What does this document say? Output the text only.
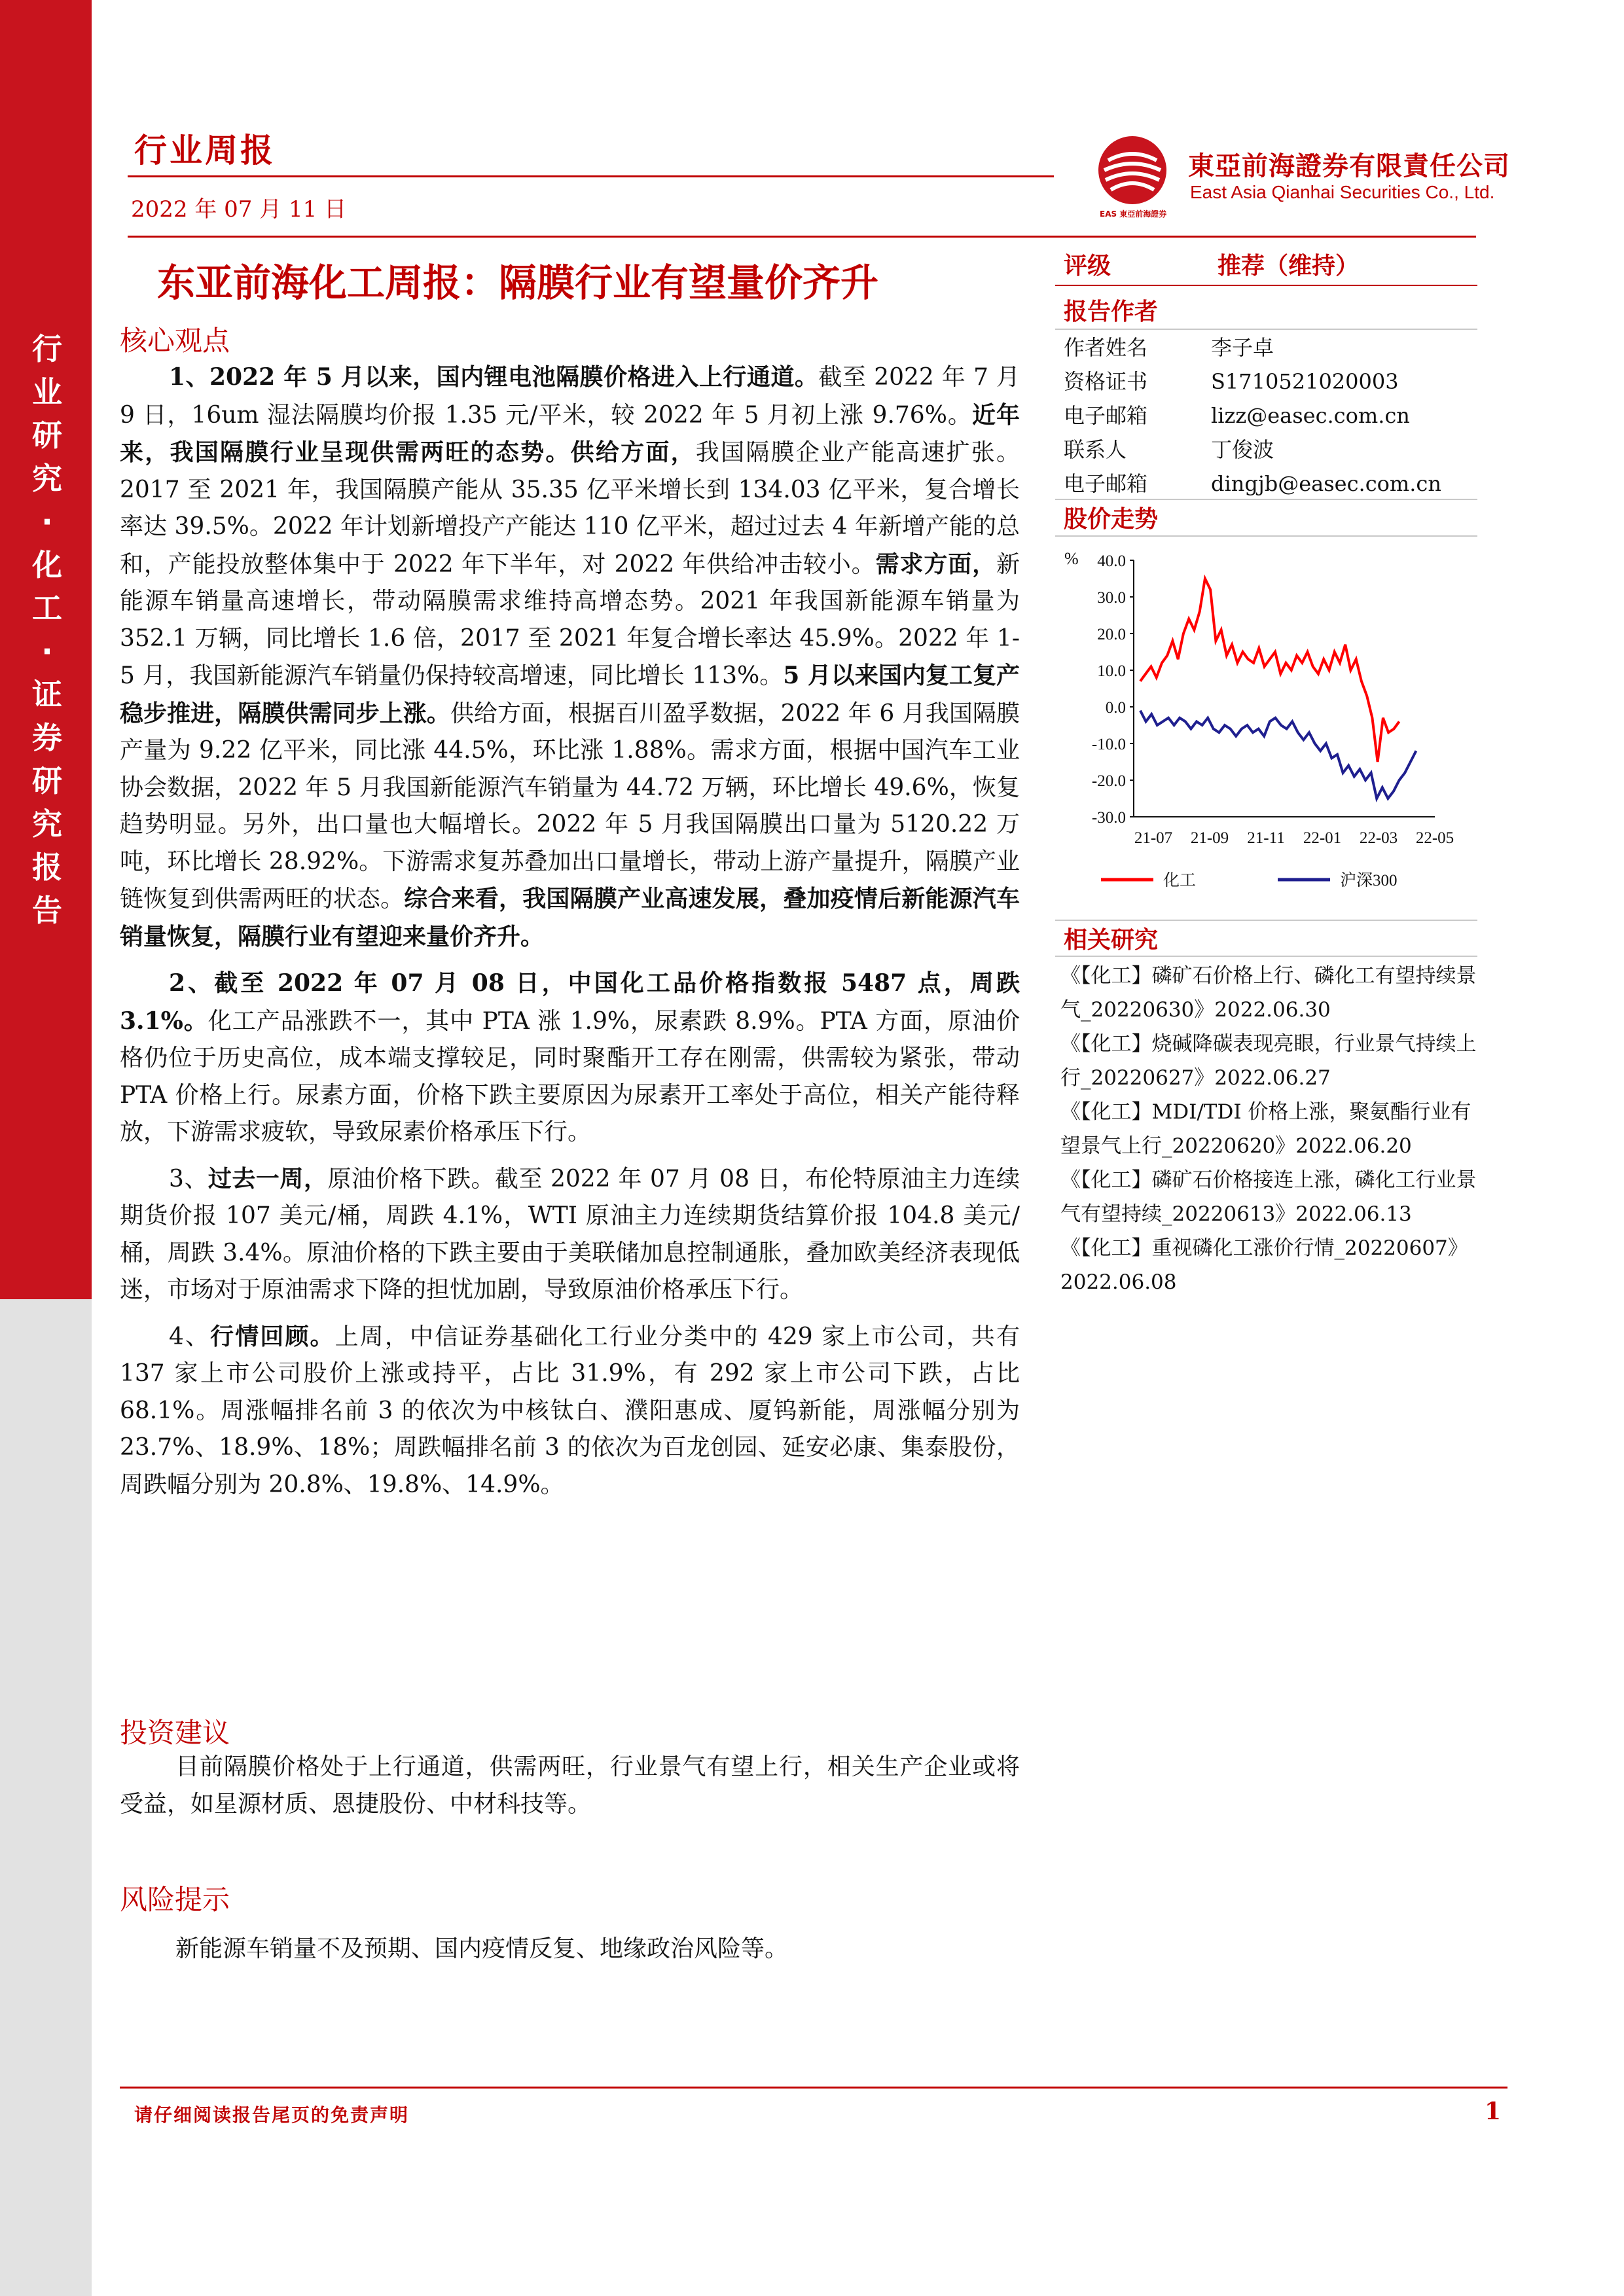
行业研究·化工·证券研究报告
行业周报
2022 年 07 月 11 日	EAS 東亞前海證券
東亞前海證券有限責任公司
East Asia Qianhai Securities Co., Ltd.
东亚前海化工周报：隔膜行业有望量价齐升
核心观点

1、2022 年 5 月以来，国内锂电池隔膜价格进入上行通道。截至 2022 年 7 月 9 日，16um 湿法隔膜均价报 1.35 元/平米，较 2022 年 5 月初上涨 9.76%。近年来，我国隔膜行业呈现供需两旺的态势。供给方面，我国隔膜企业产能高速扩张。2017 至 2021 年，我国隔膜产能从 35.35 亿平米增长到 134.03 亿平米，复合增长率达 39.5%。2022 年计划新增投产产能达 110 亿平米，超过过去 4 年新增产能的总和，产能投放整体集中于 2022 年下半年，对 2022 年供给冲击较小。需求方面，新能源车销量高速增长，带动隔膜需求维持高增态势。2021 年我国新能源车销量为 352.1 万辆，同比增长 1.6 倍，2017 至 2021 年复合增长率达 45.9%。2022 年 1-5 月，我国新能源汽车销量仍保持较高增速，同比增长 113%。5 月以来国内复工复产稳步推进，隔膜供需同步上涨。供给方面，根据百川盈孚数据，2022 年 6 月我国隔膜产量为 9.22 亿平米，同比涨 44.5%，环比涨 1.88%。需求方面，根据中国汽车工业协会数据，2022 年 5 月我国新能源汽车销量为 44.72 万辆，环比增长 49.6%，恢复趋势明显。另外，出口量也大幅增长。2022 年 5 月我国隔膜出口量为 5120.22 万吨，环比增长 28.92%。下游需求复苏叠加出口量增长，带动上游产量提升，隔膜产业链恢复到供需两旺的状态。综合来看，我国隔膜产业高速发展，叠加疫情后新能源汽车销量恢复，隔膜行业有望迎来量价齐升。

2、截至 2022 年 07 月 08 日，中国化工品价格指数报 5487 点，周跌 3.1%。化工产品涨跌不一，其中 PTA 涨 1.9%，尿素跌 8.9%。PTA 方面，原油价格仍位于历史高位，成本端支撑较足，同时聚酯开工存在刚需，供需较为紧张，带动 PTA 价格上行。尿素方面，价格下跌主要原因为尿素开工率处于高位，相关产能待释放，下游需求疲软，导致尿素价格承压下行。

3、过去一周，原油价格下跌。截至 2022 年 07 月 08 日，布伦特原油主力连续期货价报 107 美元/桶，周跌 4.1%，WTI 原油主力连续期货结算价报 104.8 美元/桶，周跌 3.4%。原油价格的下跌主要由于美联储加息控制通胀，叠加欧美经济表现低迷，市场对于原油需求下降的担忧加剧，导致原油价格承压下行。

4、行情回顾。上周，中信证券基础化工行业分类中的 429 家上市公司，共有 137 家上市公司股价上涨或持平，占比 31.9%，有 292 家上市公司下跌，占比 68.1%。周涨幅排名前 3 的依次为中核钛白、濮阳惠成、厦钨新能，周涨幅分别为 23.7%、18.9%、18%；周跌幅排名前 3 的依次为百龙创园、延安必康、集泰股份，周跌幅分别为 20.8%、19.8%、14.9%。

投资建议

目前隔膜价格处于上行通道，供需两旺，行业景气有望上行，相关生产企业或将受益，如星源材质、恩捷股份、中材科技等。

风险提示

新能源车销量不及预期、国内疫情反复、地缘政治风险等。

评级	推荐（维持）
报告作者
作者姓名	李子卓
资格证书	S1710521020003
电子邮箱	lizz@easec.com.cn
联系人	丁俊波
电子邮箱	dingjb@easec.com.cn
股价走势
% 40.0
30.0
20.0
10.0
0.0
-10.0
-20.0
-30.0
21-07 21-09 21-11 22-01 22-03 22-05
化工	沪深300
相关研究
《【化工】磷矿石价格上行、磷化工有望持续景气_20220630》2022.06.30
《【化工】烧碱降碳表现亮眼，行业景气持续上行_20220627》2022.06.27
《【化工】MDI/TDI 价格上涨，聚氨酯行业有望景气上行_20220620》2022.06.20
《【化工】磷矿石价格接连上涨，磷化工行业景气有望持续_20220613》2022.06.13
《【化工】重视磷化工涨价行情_20220607》2022.06.08
请仔细阅读报告尾页的免责声明	1
